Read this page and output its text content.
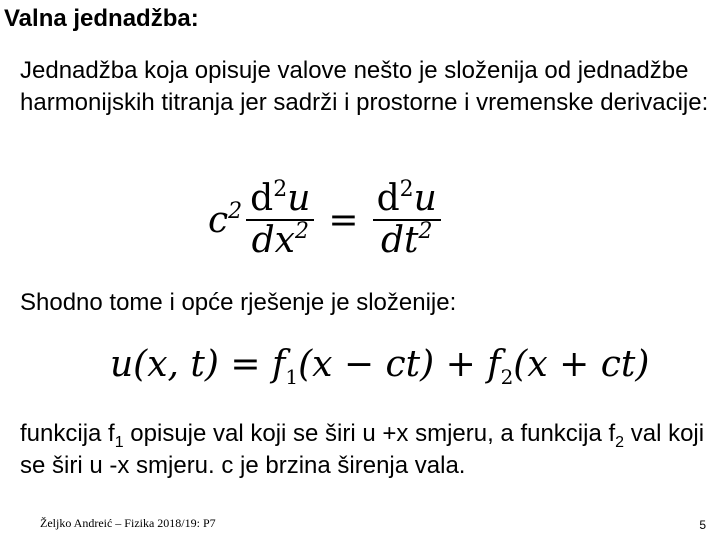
Valna jednadžba:
Jednadžba koja opisuje valove nešto je složenija od jednadžbe harmonijskih titranja jer sadrži i prostorne i vremenske derivacije:
$c^2 \frac{d^2u}{dx^2} = \frac{d^2u}{dt^2}$
Shodno tome i opće rješenje je složenije:
u(x, $t) = f_1(x - ct) + f_2(x + ct)$
funkcija $f_1$ opisuje val koji se širi u +x smjeru, a funkcija $f_2$ val koji se širi u -x smjeru. c je brzina širenja vala.
Željko Andreić – Fizika 2018/19: P7	5
